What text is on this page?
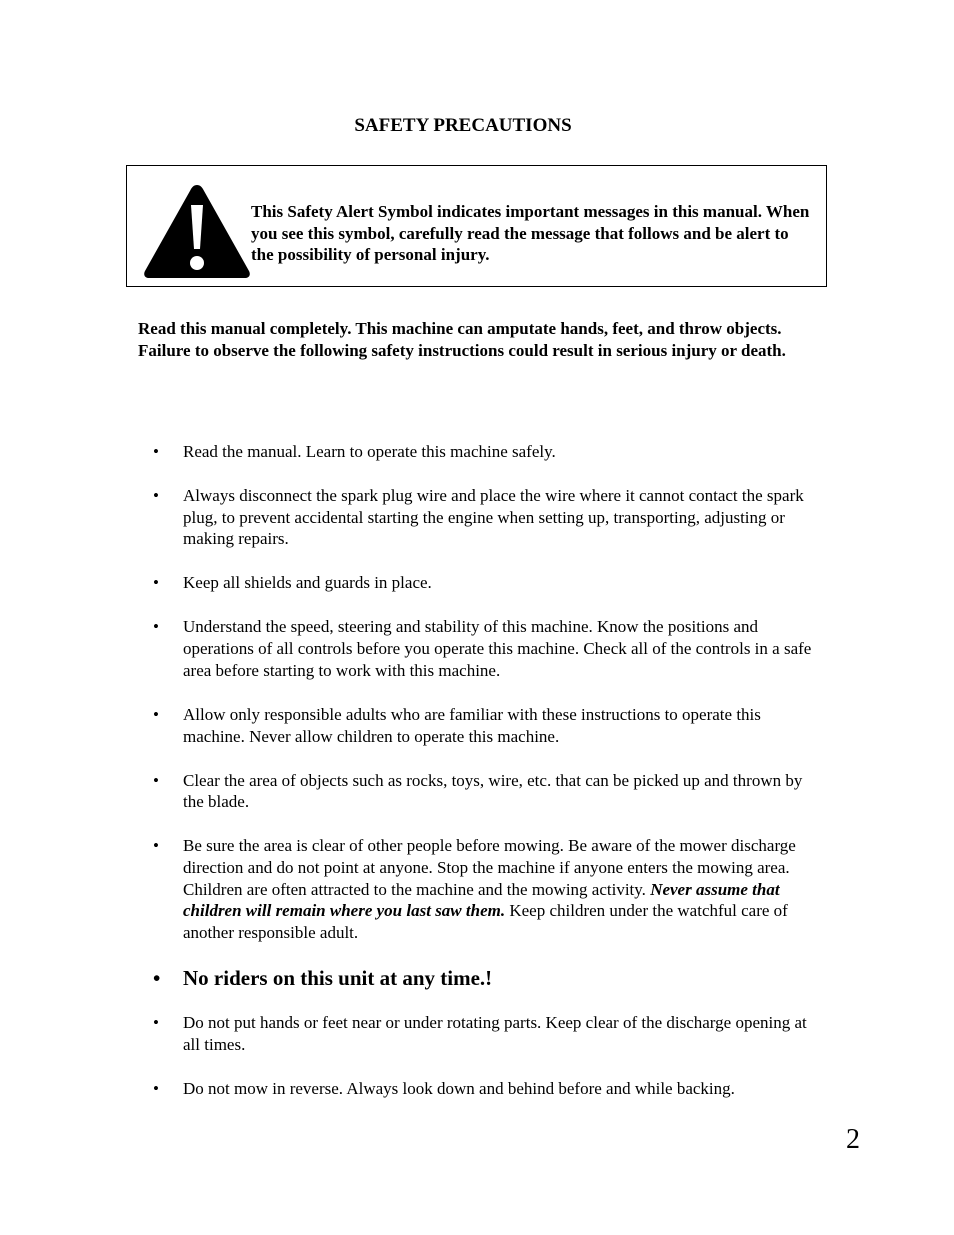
SAFETY PRECAUTIONS

This Safety Alert Symbol indicates important messages in this manual. When you see this symbol, carefully read the message that follows and be alert to the possibility of personal injury.

Read this manual completely. This machine can amputate hands, feet, and throw objects. Failure to observe the following safety instructions could result in serious injury or death.

• Read the manual. Learn to operate this machine safely.
• Always disconnect the spark plug wire and place the wire where it cannot contact the spark plug, to prevent accidental starting the engine when setting up, transporting, adjusting or making repairs.
• Keep all shields and guards in place.
• Understand the speed, steering and stability of this machine. Know the positions and operations of all controls before you operate this machine. Check all of the controls in a safe area before starting to work with this machine.
• Allow only responsible adults who are familiar with these instructions to operate this machine. Never allow children to operate this machine.
• Clear the area of objects such as rocks, toys, wire, etc. that can be picked up and thrown by the blade.
• Be sure the area is clear of other people before mowing. Be aware of the mower discharge direction and do not point at anyone. Stop the machine if anyone enters the mowing area. Children are often attracted to the machine and the mowing activity. Never assume that children will remain where you last saw them. Keep children under the watchful care of another responsible adult.
• No riders on this unit at any time.!
• Do not put hands or feet near or under rotating parts. Keep clear of the discharge opening at all times.
• Do not mow in reverse. Always look down and behind before and while backing.

2
